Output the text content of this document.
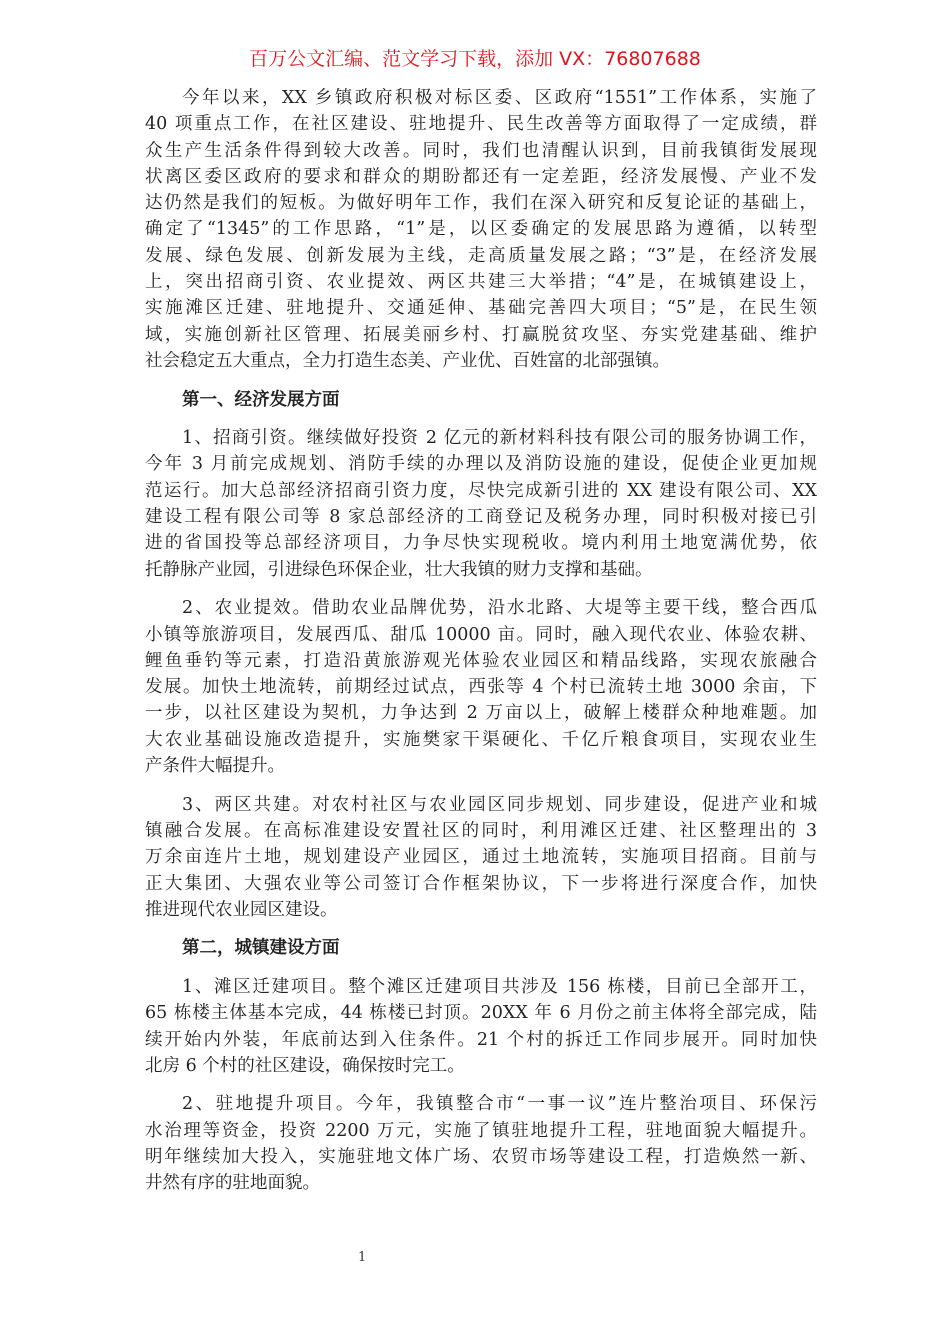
百万公文汇编、范文学习下载，添加 VX：76807688
今年以来，XX 乡镇政府积极对标区委、区政府“1551”工作体系，实施了
40 项重点工作，在社区建设、驻地提升、民生改善等方面取得了一定成绩，群
众生产生活条件得到较大改善。同时，我们也清醒认识到，目前我镇街发展现
状离区委区政府的要求和群众的期盼都还有一定差距，经济发展慢、产业不发
达仍然是我们的短板。为做好明年工作，我们在深入研究和反复论证的基础上，
确定了“1345”的工作思路，“1”是，以区委确定的发展思路为遵循，以转型
发展、绿色发展、创新发展为主线，走高质量发展之路；“3”是，在经济发展
上，突出招商引资、农业提效、两区共建三大举措；“4”是，在城镇建设上，
实施滩区迁建、驻地提升、交通延伸、基础完善四大项目；“5”是，在民生领
域，实施创新社区管理、拓展美丽乡村、打赢脱贫攻坚、夯实党建基础、维护
社会稳定五大重点，全力打造生态美、产业优、百姓富的北部强镇。
第一、经济发展方面
1、招商引资。继续做好投资 2 亿元的新材料科技有限公司的服务协调工作，
今年 3 月前完成规划、消防手续的办理以及消防设施的建设，促使企业更加规
范运行。加大总部经济招商引资力度，尽快完成新引进的 XX 建设有限公司、XX
建设工程有限公司等 8 家总部经济的工商登记及税务办理，同时积极对接已引
进的省国投等总部经济项目，力争尽快实现税收。境内利用土地宽满优势，依
托静脉产业园，引进绿色环保企业，壮大我镇的财力支撑和基础。
2、农业提效。借助农业品牌优势，沿水北路、大堤等主要干线，整合西瓜
小镇等旅游项目，发展西瓜、甜瓜 10000 亩。同时，融入现代农业、体验农耕、
鲤鱼垂钓等元素，打造沿黄旅游观光体验农业园区和精品线路，实现农旅融合
发展。加快土地流转，前期经过试点，西张等 4 个村已流转土地 3000 余亩，下
一步，以社区建设为契机，力争达到 2 万亩以上，破解上楼群众种地难题。加
大农业基础设施改造提升，实施樊家干渠硬化、千亿斤粮食项目，实现农业生
产条件大幅提升。
3、两区共建。对农村社区与农业园区同步规划、同步建设，促进产业和城
镇融合发展。在高标准建设安置社区的同时，利用滩区迁建、社区整理出的 3
万余亩连片土地，规划建设产业园区，通过土地流转，实施项目招商。目前与
正大集团、大强农业等公司签订合作框架协议，下一步将进行深度合作，加快
推进现代农业园区建设。
第二，城镇建设方面
1、滩区迁建项目。整个滩区迁建项目共涉及 156 栋楼，目前已全部开工，
65 栋楼主体基本完成，44 栋楼已封顶。20XX 年 6 月份之前主体将全部完成，陆
续开始内外装，年底前达到入住条件。21 个村的拆迁工作同步展开。同时加快
北房 6 个村的社区建设，确保按时完工。
2、驻地提升项目。今年，我镇整合市“一事一议”连片整治项目、环保污
水治理等资金，投资 2200 万元，实施了镇驻地提升工程，驻地面貌大幅提升。
明年继续加大投入，实施驻地文体广场、农贸市场等建设工程，打造焕然一新、
井然有序的驻地面貌。
1
